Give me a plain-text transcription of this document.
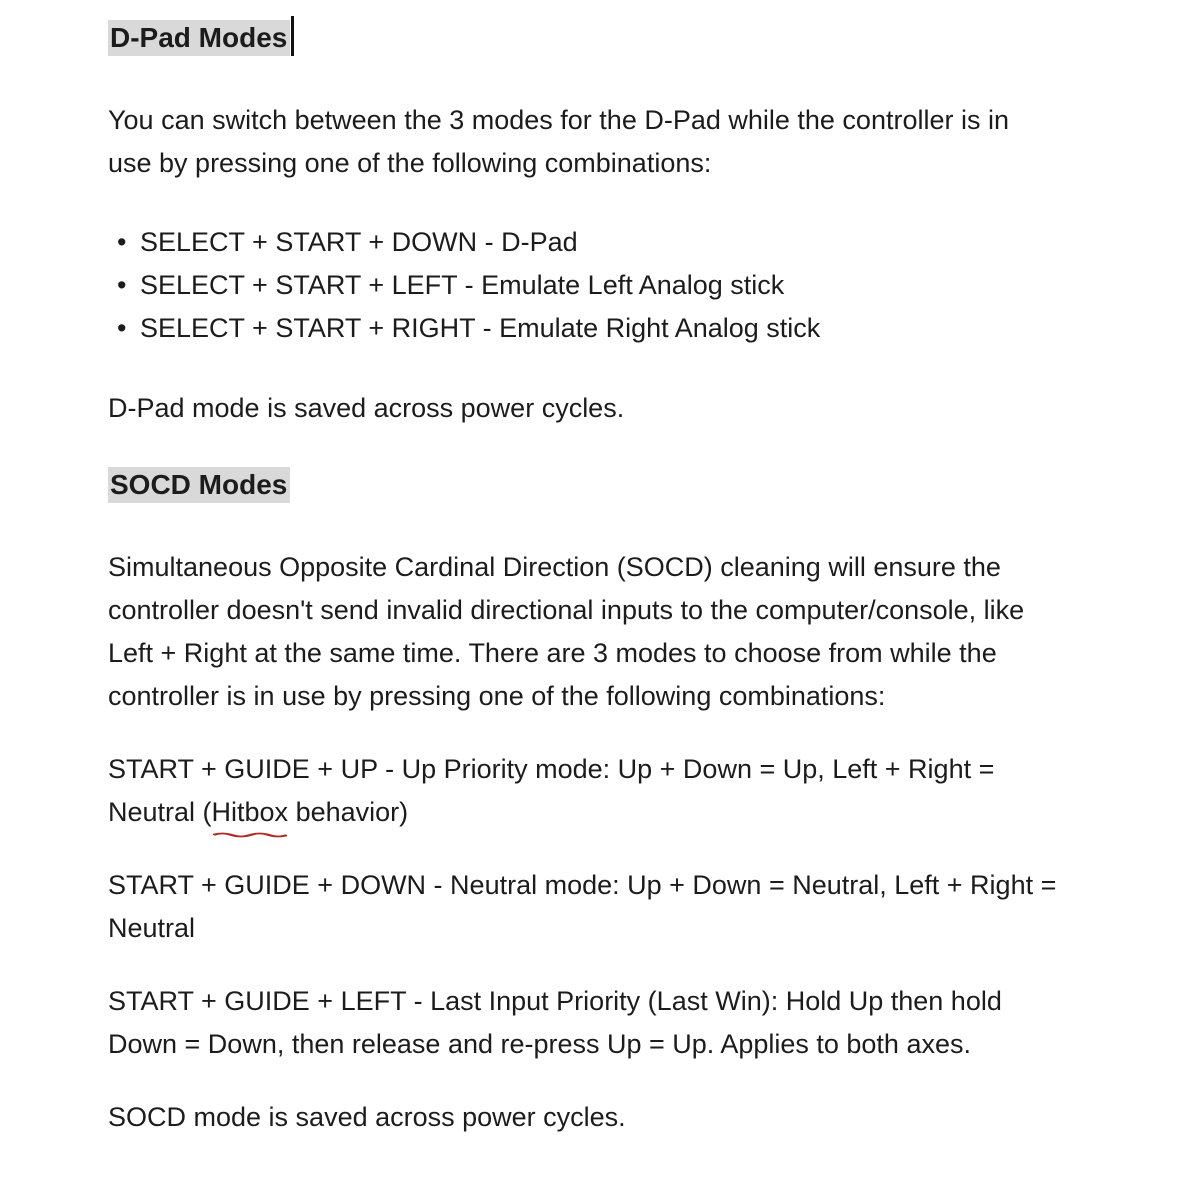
D-Pad Modes

You can switch between the 3 modes for the D-Pad while the controller is in use by pressing one of the following combinations:

• SELECT + START + DOWN - D-Pad
• SELECT + START + LEFT - Emulate Left Analog stick
• SELECT + START + RIGHT - Emulate Right Analog stick

D-Pad mode is saved across power cycles.

SOCD Modes

Simultaneous Opposite Cardinal Direction (SOCD) cleaning will ensure the controller doesn't send invalid directional inputs to the computer/console, like Left + Right at the same time. There are 3 modes to choose from while the controller is in use by pressing one of the following combinations:

START + GUIDE + UP - Up Priority mode: Up + Down = Up, Left + Right = Neutral (Hitbox
behavior)

START + GUIDE + DOWN - Neutral mode: Up + Down = Neutral, Left + Right = Neutral

START + GUIDE + LEFT - Last Input Priority (Last Win): Hold Up then hold Down = Down, then release and re-press Up = Up. Applies to both axes.

SOCD mode is saved across power cycles.
